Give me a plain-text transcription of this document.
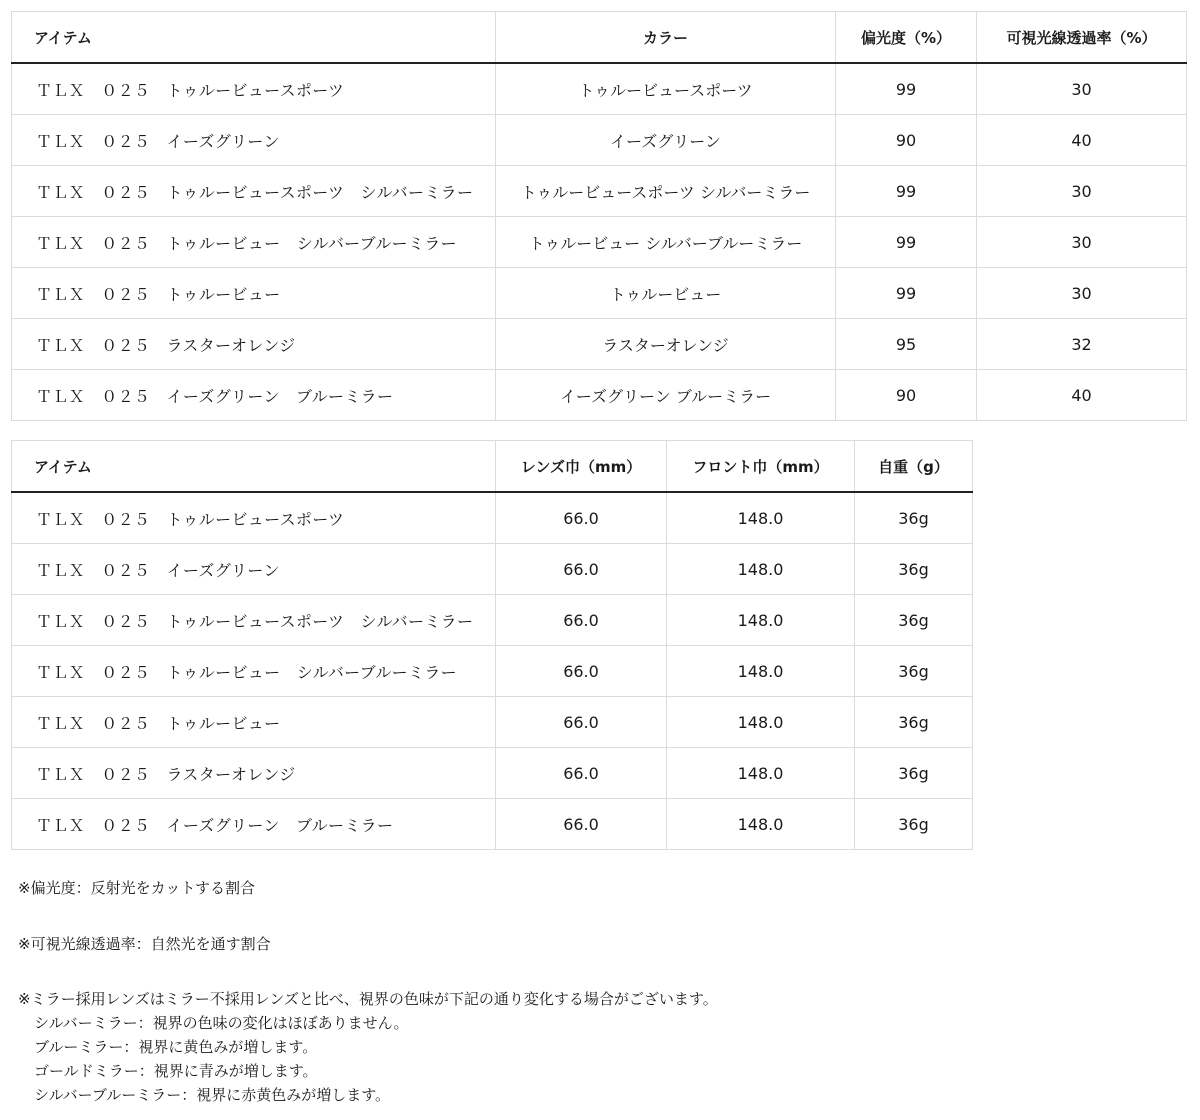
アイテム	カラー	偏光度（%）	可視光線透過率（%）
ＴＬＸ　０２５　トゥルービュースポーツ	トゥルービュースポーツ	99	30
ＴＬＸ　０２５　イーズグリーン	イーズグリーン	90	40
ＴＬＸ　０２５　トゥルービュースポーツ　シルバーミラー	トゥルービュースポーツ シルバーミラー	99	30
ＴＬＸ　０２５　トゥルービュー　シルバーブルーミラー	トゥルービュー シルバーブルーミラー	99	30
ＴＬＸ　０２５　トゥルービュー	トゥルービュー	99	30
ＴＬＸ　０２５　ラスターオレンジ	ラスターオレンジ	95	32
ＴＬＸ　０２５　イーズグリーン　ブルーミラー	イーズグリーン ブルーミラー	90	40
アイテム	レンズ巾（mm）	フロント巾（mm）	自重（g）
ＴＬＸ　０２５　トゥルービュースポーツ	66.0	148.0	36g
ＴＬＸ　０２５　イーズグリーン	66.0	148.0	36g
ＴＬＸ　０２５　トゥルービュースポーツ　シルバーミラー	66.0	148.0	36g
ＴＬＸ　０２５　トゥルービュー　シルバーブルーミラー	66.0	148.0	36g
ＴＬＸ　０２５　トゥルービュー	66.0	148.0	36g
ＴＬＸ　０２５　ラスターオレンジ	66.0	148.0	36g
ＴＬＸ　０２５　イーズグリーン　ブルーミラー	66.0	148.0	36g
※偏光度：反射光をカットする割合
※可視光線透過率：自然光を通す割合
※ミラー採用レンズはミラー不採用レンズと比べ、視界の色味が下記の通り変化する場合がございます。
シルバーミラー：視界の色味の変化はほぼありません。
ブルーミラー：視界に黄色みが増します。
ゴールドミラー：視界に青みが増します。
シルバーブルーミラー：視界に赤黄色みが増します。
